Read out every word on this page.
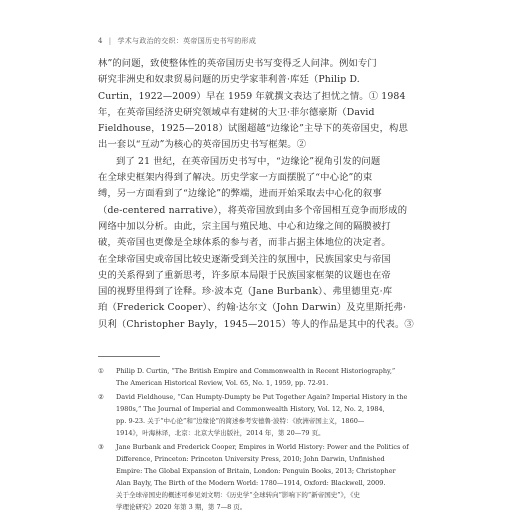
4 | 学术与政治的交织：英帝国历史书写的形成
林”的问题，致使整体性的英帝国历史书写变得乏人问津。例如专门
研究非洲史和奴隶贸易问题的历史学家菲利普·库廷（Philip D.
Curtin，1922—2009）早在 1959 年就撰文表达了担忧之情。① 1984
年，在英帝国经济史研究领域卓有建树的大卫·菲尔德豪斯（David
Fieldhouse，1925—2018）试图超越“边缘论”主导下的英帝国史，构思
出一套以“互动”为核心的英帝国历史书写框架。②
到了 21 世纪，在英帝国历史书写中，“边缘论”视角引发的问题
在全球史框架内得到了解决。历史学家一方面摆脱了“中心论”的束
缚，另一方面看到了“边缘论”的弊端，进而开始采取去中心化的叙事
（de-centered narrative），将英帝国放到由多个帝国相互竞争而形成的
网络中加以分析。由此，宗主国与殖民地、中心和边缘之间的隔膜被打
破，英帝国也更像是全球体系的参与者，而非占据主体地位的决定者。
在全球帝国史或帝国比较史逐渐受到关注的氛围中，民族国家史与帝国
史的关系得到了重新思考，许多原本局限于民族国家框架的议题也在帝
国的视野里得到了诠释。珍·波本克（Jane Burbank）、弗里德里克·库
珀（Frederick Cooper）、约翰·达尔文（John Darwin）及克里斯托弗·
贝利（Christopher Bayly，1945—2015）等人的作品是其中的代表。③
①	Philip D. Curtin, “The British Empire and Commonwealth in Recent Historiography,”
The American Historical Review, Vol. 65, No. 1, 1959, pp. 72-91.
②	David Fieldhouse, “Can Humpty-Dumpty be Put Together Again? Imperial History in the
1980s,” The Journal of Imperial and Commonwealth History, Vol. 12, No. 2, 1984,
pp. 9-23. 关于“中心论”和“边缘论”的简述参考安德鲁·波特：《欧洲帝国主义，1860—
1914》，叶海林译，北京：北京大学出版社，2014 年，第 20—79 页。
③	Jane Burbank and Frederick Cooper, Empires in World History: Power and the Politics of
Difference, Princeton: Princeton University Press, 2010; John Darwin, Unfinished
Empire: The Global Expansion of Britain, London: Penguin Books, 2013; Christopher
Alan Bayly, The Birth of the Modern World: 1780—1914, Oxford: Blackwell, 2009.
关于全球帝国史的概述可参见刘文明：《历史学“全球转向”影响下的“新帝国史”》，《史
学理论研究》2020 年第 3 期，第 7—8 页。
